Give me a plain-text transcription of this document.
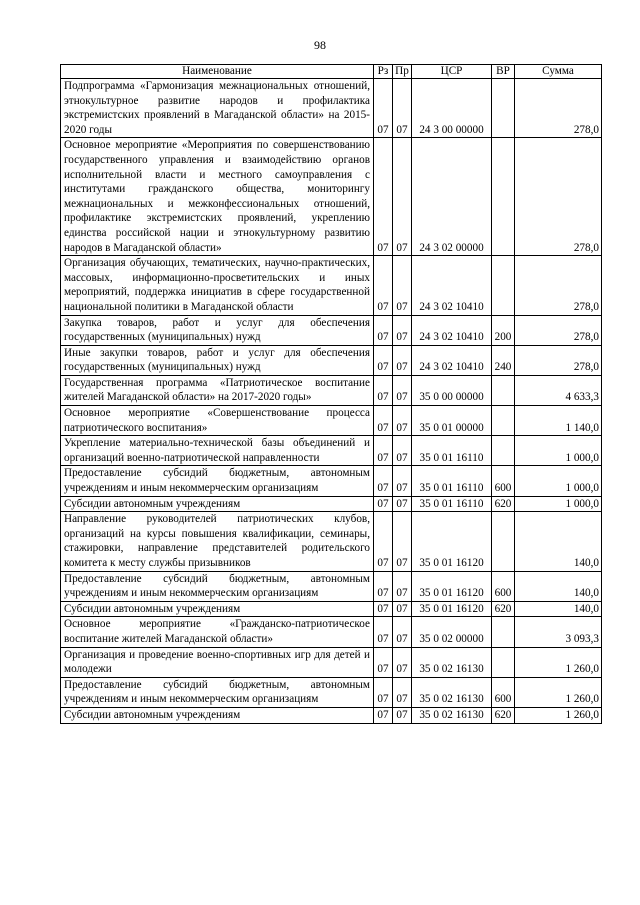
98
Наименование	Рз	Пр	ЦСР	ВР	Сумма
Подпрограмма «Гармонизация межнациональных отношений, этнокультурное развитие народов и профилактика экстремистских проявлений в Магаданской области» на 2015-2020 годы	07	07	24 3 00 00000		278,0
Основное мероприятие «Мероприятия по совершенствованию государственного управления и взаимодействию органов исполнительной власти и местного самоуправления с институтами гражданского общества, мониторингу межнациональных и межконфессиональных отношений, профилактике экстремистских проявлений, укреплению единства российской нации и этнокультурному развитию народов в Магаданской области»	07	07	24 3 02 00000		278,0
Организация обучающих, тематических, научно-практических, массовых, информационно-просветительских и иных мероприятий, поддержка инициатив в сфере государственной национальной политики в Магаданской области	07	07	24 3 02 10410		278,0
Закупка товаров, работ и услуг для обеспечения государственных (муниципальных) нужд	07	07	24 3 02 10410	200	278,0
Иные закупки товаров, работ и услуг для обеспечения государственных (муниципальных) нужд	07	07	24 3 02 10410	240	278,0
Государственная программа «Патриотическое воспитание жителей Магаданской области» на 2017-2020 годы»	07	07	35 0 00 00000		4 633,3
Основное мероприятие «Совершенствование процесса патриотического воспитания»	07	07	35 0 01 00000		1 140,0
Укрепление материально-технической базы объединений и организаций военно-патриотической направленности	07	07	35 0 01 16110		1 000,0
Предоставление субсидий бюджетным, автономным учреждениям и иным некоммерческим организациям	07	07	35 0 01 16110	600	1 000,0
Субсидии автономным учреждениям	07	07	35 0 01 16110	620	1 000,0
Направление руководителей патриотических клубов, организаций на курсы повышения квалификации, семинары, стажировки, направление представителей родительского комитета к месту службы призывников	07	07	35 0 01 16120		140,0
Предоставление субсидий бюджетным, автономным учреждениям и иным некоммерческим организациям	07	07	35 0 01 16120	600	140,0
Субсидии автономным учреждениям	07	07	35 0 01 16120	620	140,0
Основное мероприятие «Гражданско-патриотическое воспитание жителей Магаданской области»	07	07	35 0 02 00000		3 093,3
Организация и проведение военно-спортивных игр для детей и молодежи	07	07	35 0 02 16130		1 260,0
Предоставление субсидий бюджетным, автономным учреждениям и иным некоммерческим организациям	07	07	35 0 02 16130	600	1 260,0
Субсидии автономным учреждениям	07	07	35 0 02 16130	620	1 260,0
